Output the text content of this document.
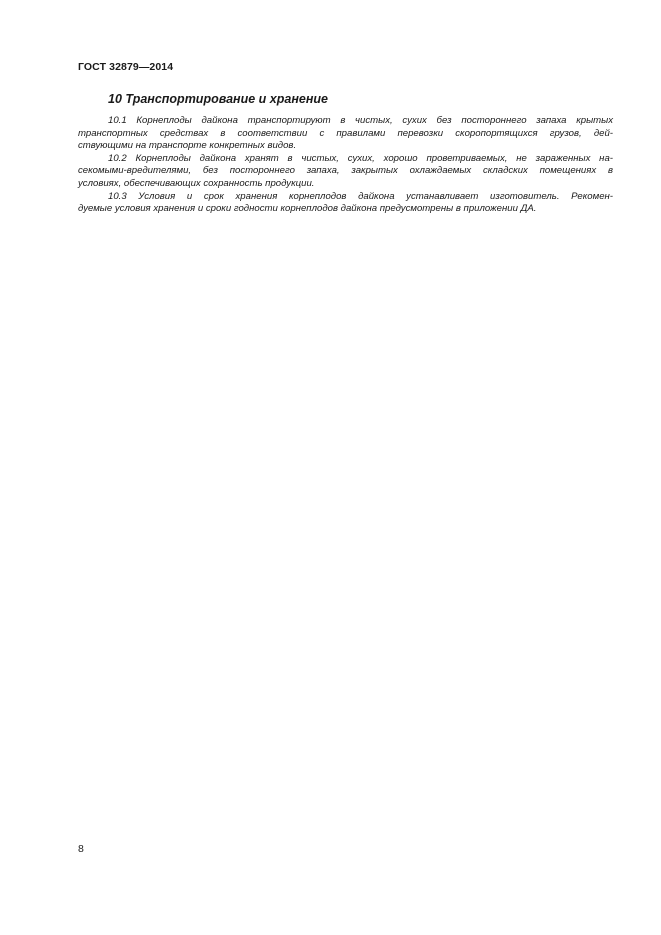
ГОСТ 32879—2014
10 Транспортирование и хранение

10.1 Корнеплоды дайкона транспортируют в чистых, сухих без постороннего запаха крытых
транспортных средствах в соответствии с правилами перевозки скоропортящихся грузов, дей-
ствующими на транспорте конкретных видов.

10.2 Корнеплоды дайкона хранят в чистых, сухих, хорошо проветриваемых, не зараженных на-
секомыми-вредителями, без постороннего запаха, закрытых охлаждаемых складских помещениях в
условиях, обеспечивающих сохранность продукции.

10.3 Условия и срок хранения корнеплодов дайкона устанавливает изготовитель. Рекомен-
дуемые условия хранения и сроки годности корнеплодов дайкона предусмотрены в приложении ДА.

8
